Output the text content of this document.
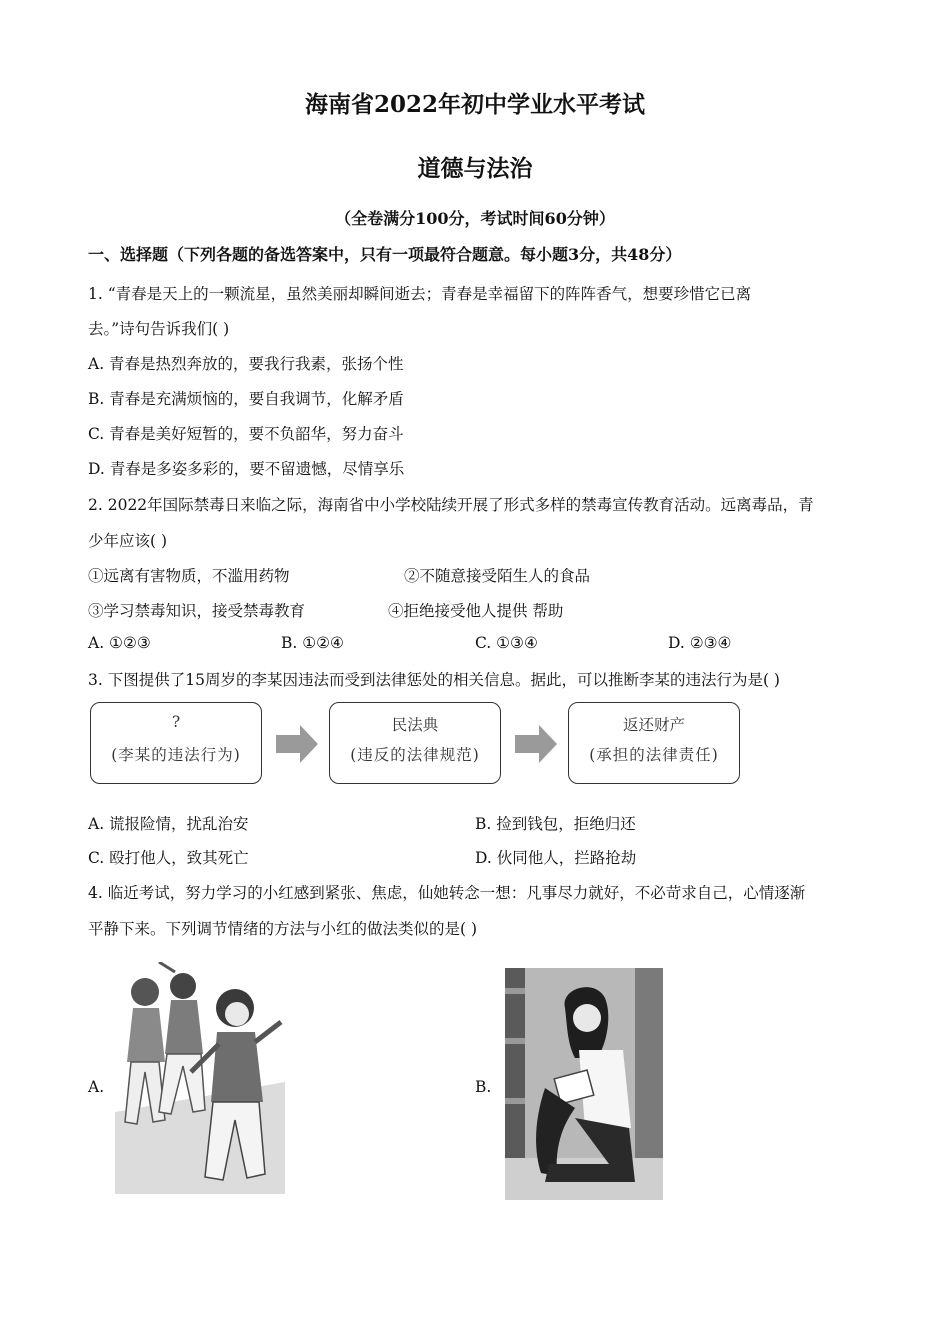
海南省2022年初中学业水平考试
道德与法治
（全卷满分100分，考试时间60分钟）
一、选择题（下列各题的备选答案中，只有一项最符合题意。每小题3分，共48分）
1. “青春是天上的一颗流星，虽然美丽却瞬间逝去；青春是幸福留下的阵阵香气，想要珍惜它已离
去。”诗句告诉我们( )
A. 青春是热烈奔放的，要我行我素，张扬个性
B. 青春是充满烦恼的，要自我调节，化解矛盾
C. 青春是美好短暂的，要不负韶华，努力奋斗
D. 青春是多姿多彩的，要不留遗憾，尽情享乐
2. 2022年国际禁毒日来临之际，海南省中小学校陆续开展了形式多样的禁毒宣传教育活动。远离毒品，青
少年应该( )
①远离有害物质，不滥用药物	②不随意接受陌生人的食品
③学习禁毒知识，接受禁毒教育	④拒绝接受他人提供 帮助
A. ①②③	B. ①②④	C. ①③④	D. ②③④
3. 下图提供了15周岁的李某因违法而受到法律惩处的相关信息。据此，可以推断李某的违法行为是( )
?
(李某的违法行为)
民法典
(违反的法律规范)
返还财产
(承担的法律责任)
A. 谎报险情，扰乱治安	B. 捡到钱包，拒绝归还
C. 殴打他人，致其死亡	D. 伙同他人，拦路抢劫
4. 临近考试，努力学习的小红感到紧张、焦虑，仙她转念一想：凡事尽力就好，不必苛求自己，心情逐渐
平静下来。下列调节情绪的方法与小红的做法类似的是( )
A.	B.
